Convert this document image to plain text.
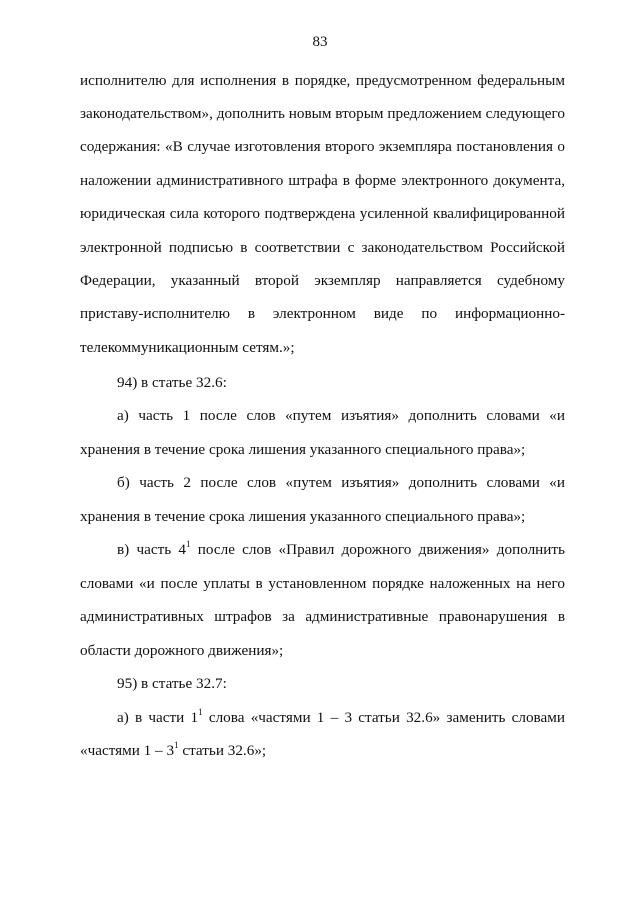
83
исполнителю для исполнения в порядке, предусмотренном федеральным
законодательством», дополнить новым вторым предложением следующего
содержания: «В случае изготовления второго экземпляра постановления о
наложении административного штрафа в форме электронного документа,
юридическая сила которого подтверждена усиленной квалифицированной
электронной подписью в соответствии с законодательством Российской
Федерации, указанный второй экземпляр направляется судебному
приставу-исполнителю в электронном виде по информационно-
телекоммуникационным сетям.»;
94) в статье 32.6:
а) часть 1 после слов «путем изъятия» дополнить словами «и
хранения в течение срока лишения указанного специального права»;
б) часть 2 после слов «путем изъятия» дополнить словами «и
хранения в течение срока лишения указанного специального права»;
в) часть $4^1$ после слов «Правил дорожного движения» дополнить
словами «и после уплаты в установленном порядке наложенных на него
административных штрафов за административные правонарушения в
области дорожного движения»;
95) в статье 32.7:
а) в части $1^1$ слова «частями 1 – 3 статьи 32.6» заменить словами
«частями $1 - 3^1$ статьи 32.6»;
